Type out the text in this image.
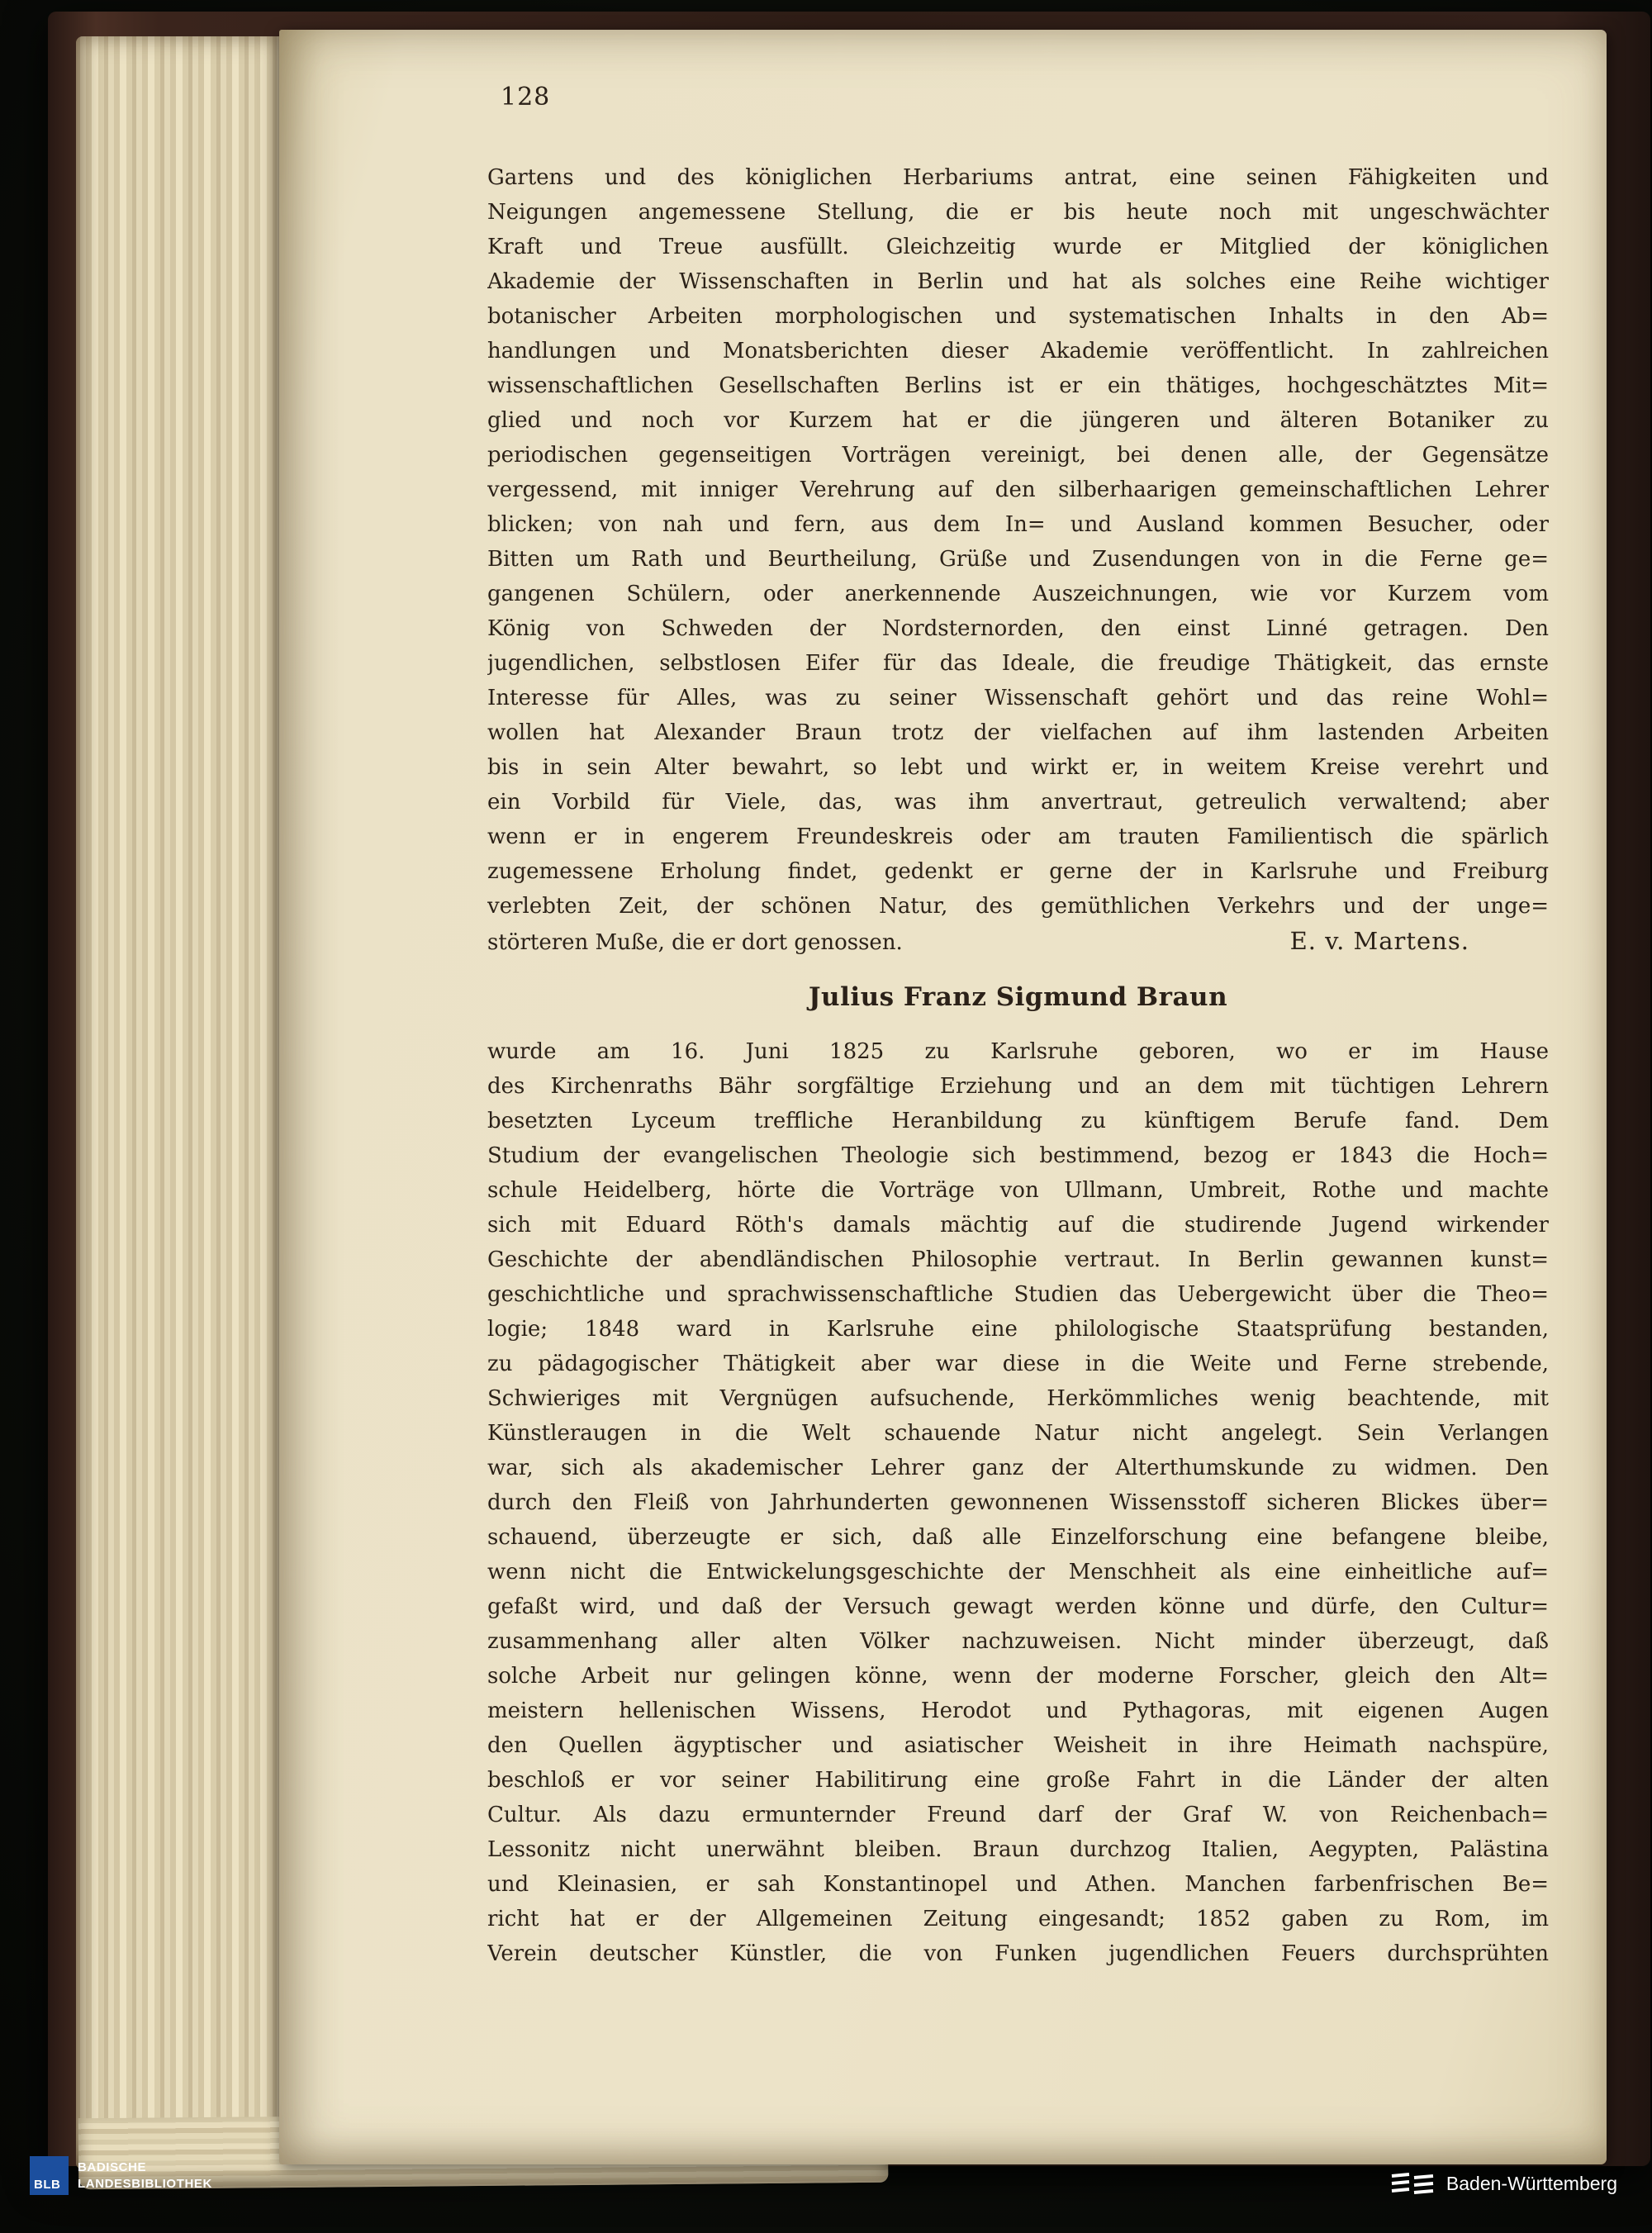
128
Gartens und des königlichen Herbariums antrat, eine seinen Fähigkeiten und
Neigungen angemessene Stellung, die er bis heute noch mit ungeschwächter
Kraft und Treue ausfüllt. Gleichzeitig wurde er Mitglied der königlichen
Akademie der Wissenschaften in Berlin und hat als solches eine Reihe wichtiger
botanischer Arbeiten morphologischen und systematischen Inhalts in den Ab=
handlungen und Monatsberichten dieser Akademie veröffentlicht. In zahlreichen
wissenschaftlichen Gesellschaften Berlins ist er ein thätiges, hochgeschätztes Mit=
glied und noch vor Kurzem hat er die jüngeren und älteren Botaniker zu
periodischen gegenseitigen Vorträgen vereinigt, bei denen alle, der Gegensätze
vergessend, mit inniger Verehrung auf den silberhaarigen gemeinschaftlichen Lehrer
blicken; von nah und fern, aus dem In= und Ausland kommen Besucher, oder
Bitten um Rath und Beurtheilung, Grüße und Zusendungen von in die Ferne ge=
gangenen Schülern, oder anerkennende Auszeichnungen, wie vor Kurzem vom
König von Schweden der Nordsternorden, den einst Linné getragen. Den
jugendlichen, selbstlosen Eifer für das Ideale, die freudige Thätigkeit, das ernste
Interesse für Alles, was zu seiner Wissenschaft gehört und das reine Wohl=
wollen hat Alexander Braun trotz der vielfachen auf ihm lastenden Arbeiten
bis in sein Alter bewahrt, so lebt und wirkt er, in weitem Kreise verehrt und
ein Vorbild für Viele, das, was ihm anvertraut, getreulich verwaltend; aber
wenn er in engerem Freundeskreis oder am trauten Familientisch die spärlich
zugemessene Erholung findet, gedenkt er gerne der in Karlsruhe und Freiburg
verlebten Zeit, der schönen Natur, des gemüthlichen Verkehrs und der unge=
störteren Muße, die er dort genossen.	E. v. Martens.
Julius Franz Sigmund Braun
wurde am 16. Juni 1825 zu Karlsruhe geboren, wo er im Hause
des Kirchenraths Bähr sorgfältige Erziehung und an dem mit tüchtigen Lehrern
besetzten Lyceum treffliche Heranbildung zu künftigem Berufe fand. Dem
Studium der evangelischen Theologie sich bestimmend, bezog er 1843 die Hoch=
schule Heidelberg, hörte die Vorträge von Ullmann, Umbreit, Rothe und machte
sich mit Eduard Röth's damals mächtig auf die studirende Jugend wirkender
Geschichte der abendländischen Philosophie vertraut. In Berlin gewannen kunst=
geschichtliche und sprachwissenschaftliche Studien das Uebergewicht über die Theo=
logie; 1848 ward in Karlsruhe eine philologische Staatsprüfung bestanden,
zu pädagogischer Thätigkeit aber war diese in die Weite und Ferne strebende,
Schwieriges mit Vergnügen aufsuchende, Herkömmliches wenig beachtende, mit
Künstleraugen in die Welt schauende Natur nicht angelegt. Sein Verlangen
war, sich als akademischer Lehrer ganz der Alterthumskunde zu widmen. Den
durch den Fleiß von Jahrhunderten gewonnenen Wissensstoff sicheren Blickes über=
schauend, überzeugte er sich, daß alle Einzelforschung eine befangene bleibe,
wenn nicht die Entwickelungsgeschichte der Menschheit als eine einheitliche auf=
gefaßt wird, und daß der Versuch gewagt werden könne und dürfe, den Cultur=
zusammenhang aller alten Völker nachzuweisen. Nicht minder überzeugt, daß
solche Arbeit nur gelingen könne, wenn der moderne Forscher, gleich den Alt=
meistern hellenischen Wissens, Herodot und Pythagoras, mit eigenen Augen
den Quellen ägyptischer und asiatischer Weisheit in ihre Heimath nachspüre,
beschloß er vor seiner Habilitirung eine große Fahrt in die Länder der alten
Cultur. Als dazu ermunternder Freund darf der Graf W. von Reichenbach=
Lessonitz nicht unerwähnt bleiben. Braun durchzog Italien, Aegypten, Palästina
und Kleinasien, er sah Konstantinopel und Athen. Manchen farbenfrischen Be=
richt hat er der Allgemeinen Zeitung eingesandt; 1852 gaben zu Rom, im
Verein deutscher Künstler, die von Funken jugendlichen Feuers durchsprühten
BLB
BADISCHE
LANDESBIBLIOTHEK	Baden-Württemberg
